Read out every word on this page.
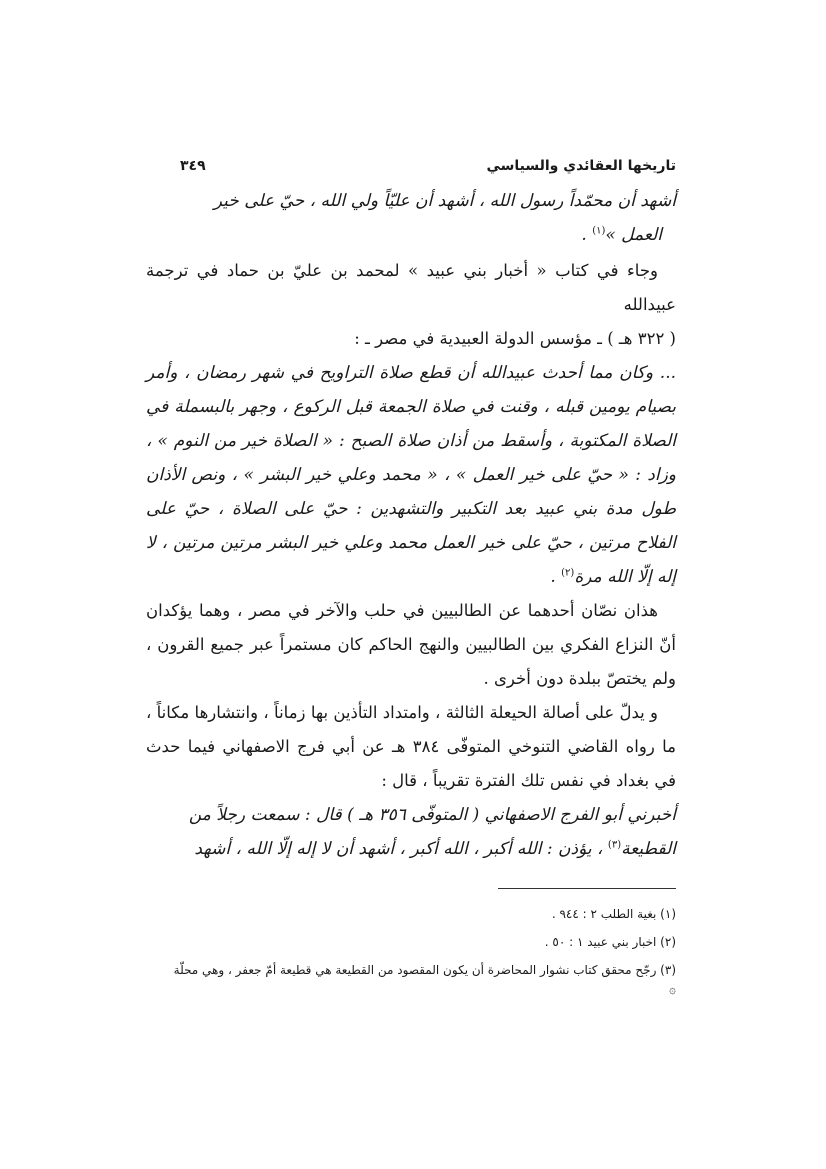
تاريخها العقائدي والسياسي
٣٤٩

أشهد أن محمّداً رسول الله ، أشهد أن عليّاً ولي الله ، حيّ على خير

العمل »$^{(١)}$ .

وجاء في كتاب « أخبار بني عبيد » لمحمد بن عليّ بن حماد في ترجمة عبيدالله
( ٣٢٢ هـ ) ـ مؤسس الدولة العبيدية في مصر ـ :

... وكان مما أحدث عبيدالله أن قطع صلاة التراويح في شهر رمضان ، وأمر بصيام يومين قبله ، وقنت في صلاة الجمعة قبل الركوع ، وجهر بالبسملة في الصلاة المكتوبة ، وأسقط من أذان صلاة الصبح : « الصلاة خير من النوم » ، وزاد : « حيّ على خير العمل » ، « محمد وعلي خير البشر » ، ونص الأذان طول مدة بني عبيد بعد التكبير والتشهدين : حيّ على الصلاة ، حيّ على الفلاح مرتين ، حيّ على خير العمل محمد وعلي خير البشر مرتين مرتين ، لا إله إلّا الله مرة$^{(٢)}$ .

هذان نصّان أحدهما عن الطالبيين في حلب والآخر في مصر ، وهما يؤكدان أنّ النزاع الفكري بين الطالبيين والنهج الحاكم كان مستمراً عبر جميع القرون ، ولم يختصّ ببلدة دون أخرى .

و يدلّ على أصالة الحيعلة الثالثة ، وامتداد التأذين بها زماناً ، وانتشارها مكاناً ، ما رواه القاضي التنوخي المتوفّى ٣٨٤ هـ عن أبي فرج الاصفهاني فيما حدث في بغداد في نفس تلك الفترة تقريباً ، قال :

أخبرني أبو الفرج الاصفهاني ( المتوفّى ٣٥٦ هـ ) قال : سمعت رجلاً من

القطيعة$^{(٣)}$ ، يؤذن : الله أكبر ، الله أكبر ، أشهد أن لا إله إلّا الله ، أشهد

(١) بغية الطلب ٢ : ٩٤٤ .

(٢) اخبار بني عبيد ١ : ٥٠ .

(٣) رجّح محقق كتاب نشوار المحاضرة أن يكون المقصود من القطيعة هي قطيعة أمّ جعفر ، وهي محلّة

۞
